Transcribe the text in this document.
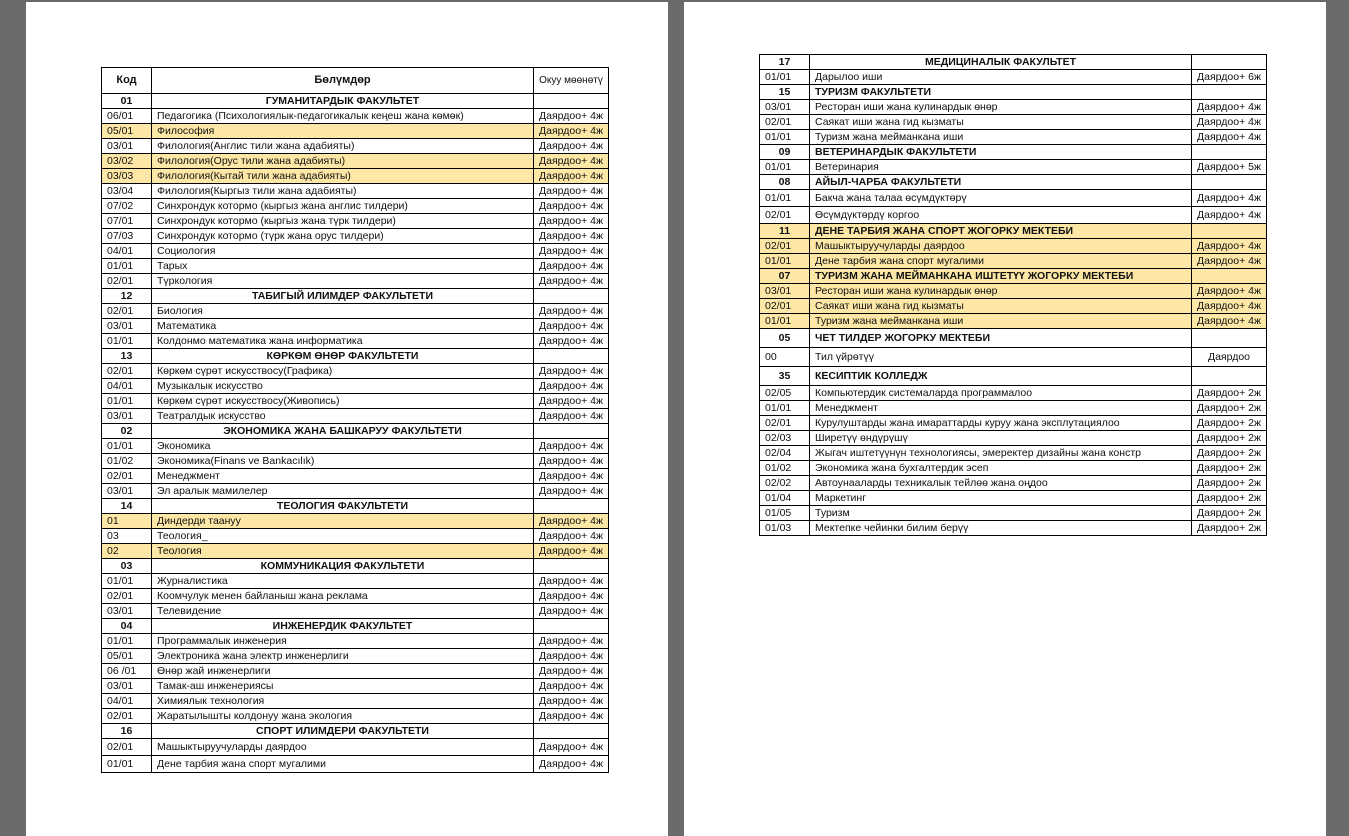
Код	Бөлүмдөр	Окуу мөөнөтү
01	ГУМАНИТАРДЫК ФАКУЛЬТЕТ	
06/01	Педагогика (Психологиялык-педагогикалык кеңеш жана көмөк)	Даярдоо+ 4ж
05/01	Философия	Даярдоо+ 4ж
03/01	Филология(Англис тили жана адабияты)	Даярдоо+ 4ж
03/02	Филология(Орус тили жана адабияты)	Даярдоо+ 4ж
03/03	Филология(Кытай тили жана адабияты)	Даярдоо+ 4ж
03/04	Филология(Кыргыз тили жана адабияты)	Даярдоо+ 4ж
07/02	Синхрондук котормо (кыргыз жана англис тилдери)	Даярдоо+ 4ж
07/01	Синхрондук котормо (кыргыз жана түрк тилдери)	Даярдоо+ 4ж
07/03	Синхрондук котормо (түрк жана орус тилдери)	Даярдоо+ 4ж
04/01	Социология	Даярдоо+ 4ж
01/01	Тарых	Даярдоо+ 4ж
02/01	Түркология	Даярдоо+ 4ж
12	ТАБИГЫЙ ИЛИМДЕР ФАКУЛЬТЕТИ	
02/01	Биология	Даярдоо+ 4ж
03/01	Математика	Даярдоо+ 4ж
01/01	Колдонмо математика жана информатика	Даярдоо+ 4ж
13	КӨРКӨМ ӨНӨР ФАКУЛЬТЕТИ	
02/01	Көркөм сүрөт искусствосу(Графика)	Даярдоо+ 4ж
04/01	Музыкалык искусство	Даярдоо+ 4ж
01/01	Көркөм сүрөт искусствосу(Живопись)	Даярдоо+ 4ж
03/01	Театралдык искусство	Даярдоо+ 4ж
02	ЭКОНОМИКА ЖАНА БАШКАРУУ ФАКУЛЬТЕТИ	
01/01	Экономика	Даярдоо+ 4ж
01/02	Экономика(Finans ve Bankacılık)	Даярдоо+ 4ж
02/01	Менеджмент	Даярдоо+ 4ж
03/01	Эл аралык мамилелер	Даярдоо+ 4ж
14	ТЕОЛОГИЯ ФАКУЛЬТЕТИ	
01	Диндерди таануу	Даярдоо+ 4ж
03	Теология_	Даярдоо+ 4ж
02	Теология	Даярдоо+ 4ж
03	КОММУНИКАЦИЯ ФАКУЛЬТЕТИ	
01/01	Журналистика	Даярдоо+ 4ж
02/01	Коомчулук менен байланыш жана реклама	Даярдоо+ 4ж
03/01	Телевидение	Даярдоо+ 4ж
04	ИНЖЕНЕРДИК ФАКУЛЬТЕТ	
01/01	Программалык инженерия	Даярдоо+ 4ж
05/01	Электроника жана электр инженерлиги	Даярдоо+ 4ж
06 /01	Өнөр жай инженерлиги	Даярдоо+ 4ж
03/01	Тамак-аш инженериясы	Даярдоо+ 4ж
04/01	Химиялык технология	Даярдоо+ 4ж
02/01	Жаратылышты колдонуу жана экология	Даярдоо+ 4ж
16	СПОРТ ИЛИМДЕРИ ФАКУЛЬТЕТИ	
02/01	Машыктыруучуларды даярдоо	Даярдоо+ 4ж
01/01	Дене тарбия жана спорт мугалими	Даярдоо+ 4ж
17	МЕДИЦИНАЛЫК ФАКУЛЬТЕТ	
01/01	Дарылоо иши	Даярдоо+ 6ж
15	ТУРИЗМ ФАКУЛЬТЕТИ	
03/01	Ресторан иши жана кулинардык өнөр	Даярдоо+ 4ж
02/01	Саякат иши жана гид кызматы	Даярдоо+ 4ж
01/01	Туризм жана мейманкана иши	Даярдоо+ 4ж
09	ВЕТЕРИНАРДЫК ФАКУЛЬТЕТИ	
01/01	Ветеринария	Даярдоо+ 5ж
08	АЙЫЛ-ЧАРБА ФАКУЛЬТЕТИ	
01/01	Бакча жана талаа өсүмдүктөрү	Даярдоо+ 4ж
02/01	Өсүмдүктөрдү коргоо	Даярдоо+ 4ж
11	ДЕНЕ ТАРБИЯ ЖАНА СПОРТ ЖОГОРКУ МЕКТЕБИ	
02/01	Машыктыруучуларды даярдоо	Даярдоо+ 4ж
01/01	Дене тарбия жана спорт мугалими	Даярдоо+ 4ж
07	ТУРИЗМ ЖАНА МЕЙМАНКАНА ИШТЕТҮҮ ЖОГОРКУ МЕКТЕБИ	
03/01	Ресторан иши жана кулинардык өнөр	Даярдоо+ 4ж
02/01	Саякат иши жана гид кызматы	Даярдоо+ 4ж
01/01	Туризм жана мейманкана иши	Даярдоо+ 4ж
05	ЧЕТ ТИЛДЕР ЖОГОРКУ МЕКТЕБИ	
00	Тил үйрөтүү	Даярдоо
35	КЕСИПТИК КОЛЛЕДЖ	
02/05	Компьютердик системаларда программалоо	Даярдоо+ 2ж
01/01	Менеджмент	Даярдоо+ 2ж
02/01	Курулуштарды жана имараттарды куруу жана эксплутациялоо	Даярдоо+ 2ж
02/03	Ширетүү өндүрүшү	Даярдоо+ 2ж
02/04	Жыгач иштетүүнүн технологиясы, эмеректер дизайны жана констр	Даярдоо+ 2ж
01/02	Экономика жана бухгалтердик эсеп	Даярдоо+ 2ж
02/02	Автоунааларды техникалык тейлөө жана оңдоо	Даярдоо+ 2ж
01/04	Маркетинг	Даярдоо+ 2ж
01/05	Туризм	Даярдоо+ 2ж
01/03	Мектепке чейинки билим берүү	Даярдоо+ 2ж
